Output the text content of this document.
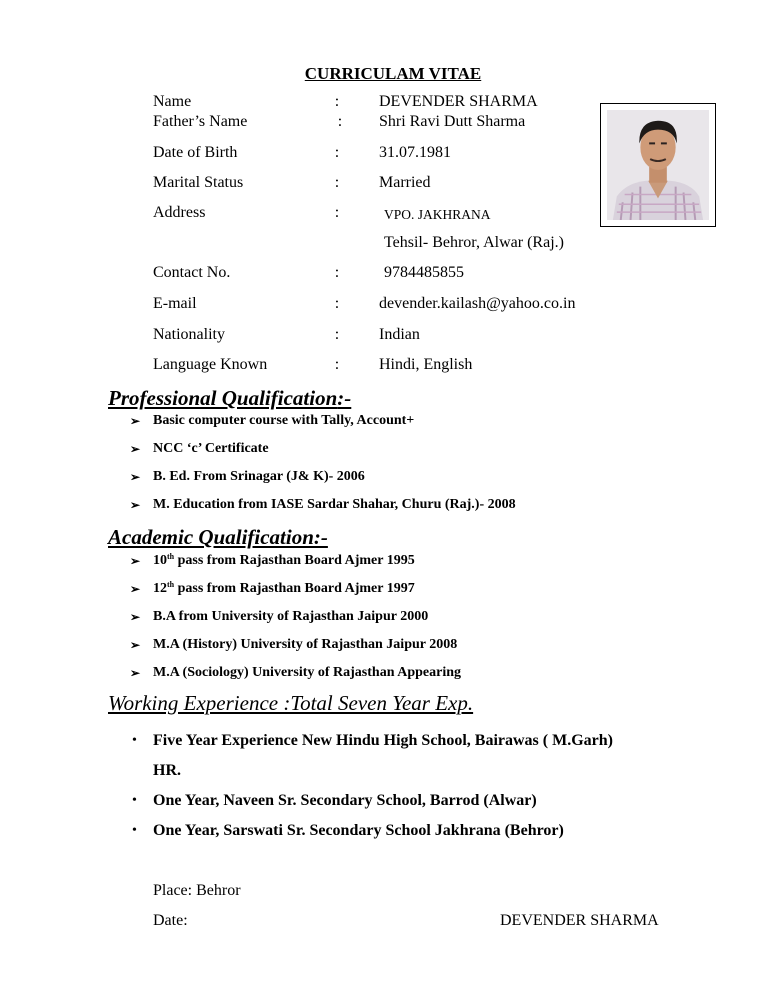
CURRICULAM VITAE
Name	: DEVENDER SHARMA
Father’s Name	: Shri Ravi Dutt Sharma
Date of Birth	: 31.07.1981
Marital Status	: Married
Address	:	VPO. JAKHRANA
Tehsil- Behror, Alwar (Raj.)
Contact No.	:	9784485855
E-mail	: devender.kailash@yahoo.co.in
Nationality	: Indian
Language Known	: Hindi, English
Professional Qualification:-
➢ Basic computer course with Tally, Account+
➢ NCC ‘c’ Certificate
➢ B. Ed. From Srinagar (J& K)- 2006
➢ M. Education from IASE Sardar Shahar, Churu (Raj.)- 2008
Academic Qualification:-
➢ 10th pass from Rajasthan Board Ajmer 1995
➢ 12th pass from Rajasthan Board Ajmer 1997
➢ B.A from University of Rajasthan Jaipur 2000
➢ M.A (History) University of Rajasthan Jaipur 2008
➢ M.A (Sociology) University of Rajasthan Appearing
Working Experience :Total Seven Year Exp.
• Five Year Experience New Hindu High School, Bairawas ( M.Garh)
HR.
• One Year, Naveen Sr. Secondary School, Barrod (Alwar)
• One Year, Sarswati Sr. Secondary School Jakhrana (Behror)
Place: Behror
Date:	DEVENDER SHARMA
